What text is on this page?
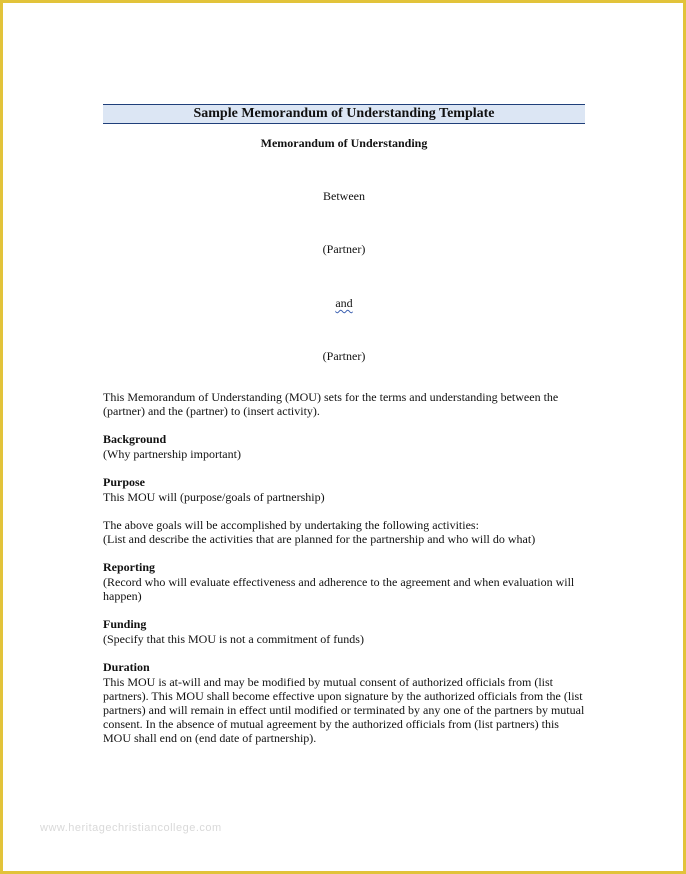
Sample Memorandum of Understanding Template
Memorandum of Understanding
Between
(Partner)
and
(Partner)
This Memorandum of Understanding (MOU) sets for the terms and understanding between the (partner) and the (partner) to (insert activity).
Background
(Why partnership important)
Purpose
This MOU will (purpose/goals of partnership)
The above goals will be accomplished by undertaking the following activities:
(List and describe the activities that are planned for the partnership and who will do what)
Reporting
(Record who will evaluate effectiveness and adherence to the agreement and when evaluation will happen)
Funding
(Specify that this MOU is not a commitment of funds)
Duration
This MOU is at-will and may be modified by mutual consent of authorized officials from (list partners). This MOU shall become effective upon signature by the authorized officials from the (list partners) and will remain in effect until modified or terminated by any one of the partners by mutual consent. In the absence of mutual agreement by the authorized officials from (list partners) this MOU shall end on (end date of partnership).
www.heritagechristiancollege.com
